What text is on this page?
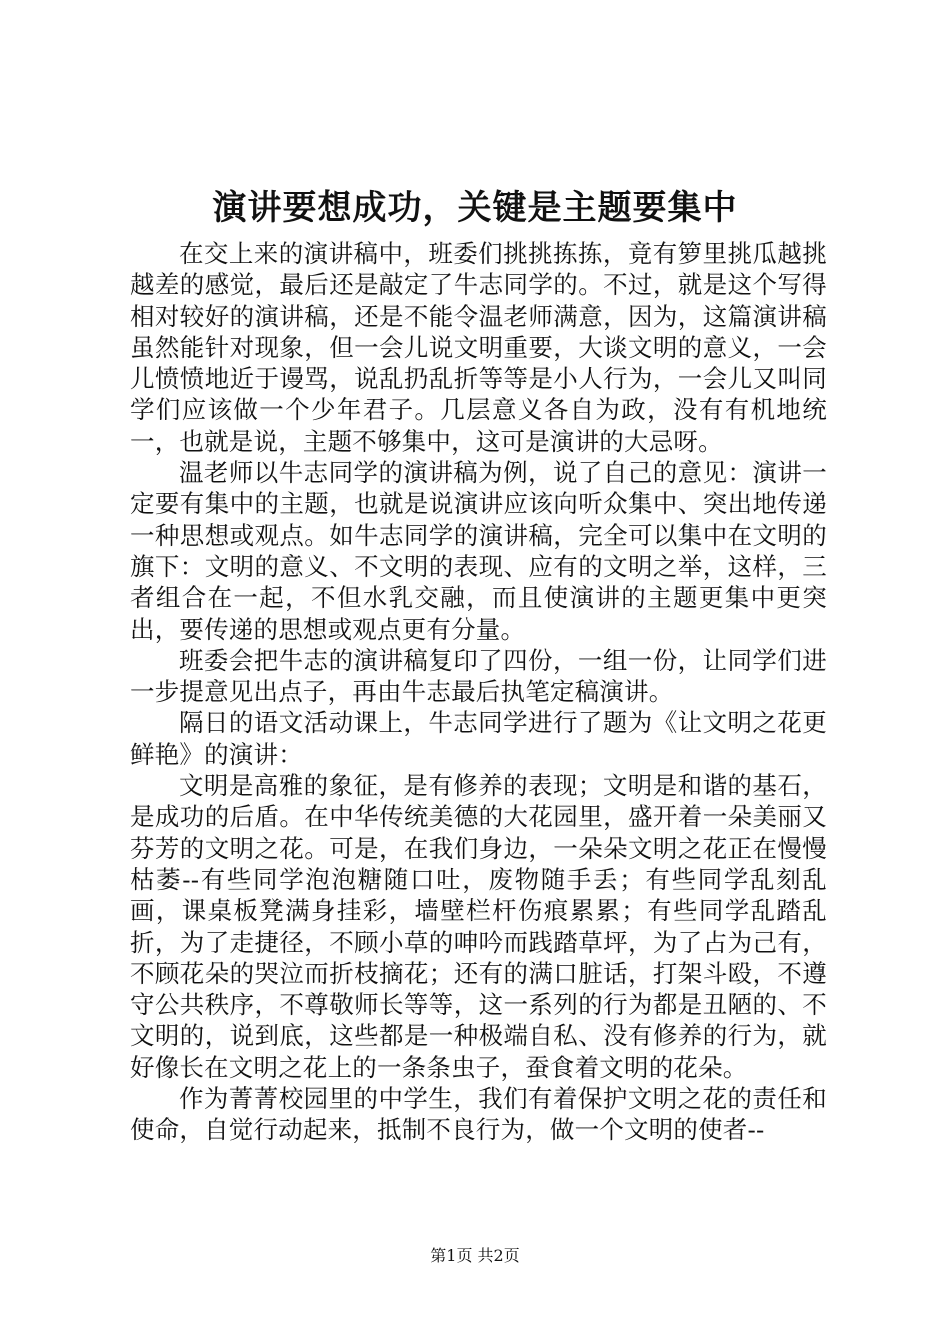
演讲要想成功，关键是主题要集中

在交上来的演讲稿中，班委们挑挑拣拣，竟有箩里挑瓜越挑越差的感觉，最后还是敲定了牛志同学的。不过，就是这个写得相对较好的演讲稿，还是不能令温老师满意，因为，这篇演讲稿虽然能针对现象，但一会儿说文明重要，大谈文明的意义，一会儿愤愤地近于谩骂，说乱扔乱折等等是小人行为，一会儿又叫同学们应该做一个少年君子。几层意义各自为政，没有有机地统一，也就是说，主题不够集中，这可是演讲的大忌呀。

温老师以牛志同学的演讲稿为例，说了自己的意见：演讲一定要有集中的主题，也就是说演讲应该向听众集中、突出地传递一种思想或观点。如牛志同学的演讲稿，完全可以集中在文明的旗下：文明的意义、不文明的表现、应有的文明之举，这样，三者组合在一起，不但水乳交融，而且使演讲的主题更集中更突出，要传递的思想或观点更有分量。

班委会把牛志的演讲稿复印了四份，一组一份，让同学们进一步提意见出点子，再由牛志最后执笔定稿演讲。

隔日的语文活动课上，牛志同学进行了题为《让文明之花更鲜艳》的演讲：

文明是高雅的象征，是有修养的表现；文明是和谐的基石，是成功的后盾。在中华传统美德的大花园里，盛开着一朵美丽又芬芳的文明之花。可是，在我们身边，一朵朵文明之花正在慢慢枯萎--有些同学泡泡糖随口吐，废物随手丢；有些同学乱刻乱画，课桌板凳满身挂彩，墙壁栏杆伤痕累累；有些同学乱踏乱折，为了走捷径，不顾小草的呻吟而践踏草坪，为了占为己有，不顾花朵的哭泣而折枝摘花；还有的满口脏话，打架斗殴，不遵守公共秩序，不尊敬师长等等，这一系列的行为都是丑陋的、不文明的，说到底，这些都是一种极端自私、没有修养的行为，就好像长在文明之花上的一条条虫子，蚕食着文明的花朵。

作为菁菁校园里的中学生，我们有着保护文明之花的责任和使命，自觉行动起来，抵制不良行为，做一个文明的使者--

第1页 共2页
